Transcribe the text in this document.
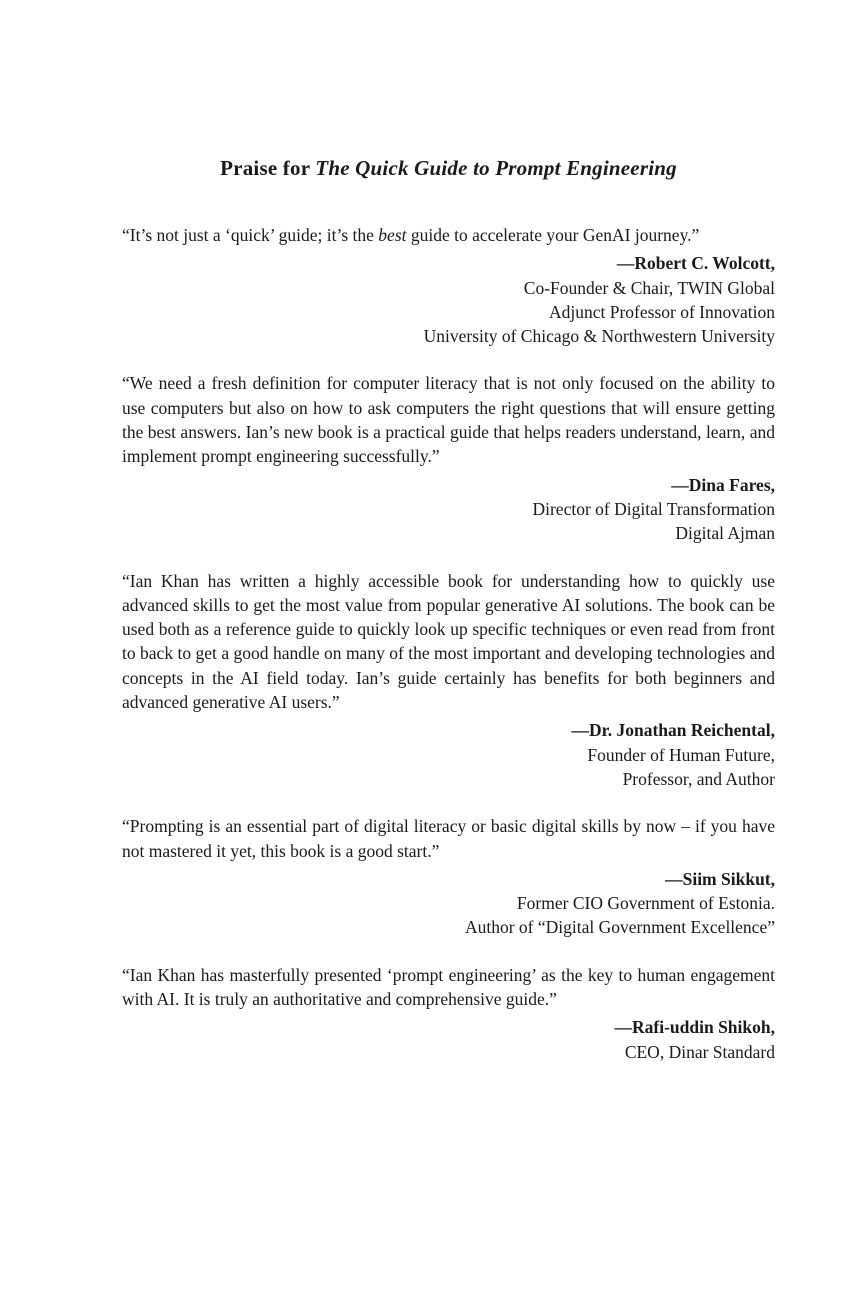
Praise for The Quick Guide to Prompt Engineering

“It’s not just a ‘quick’ guide; it’s the best guide to accelerate your GenAI journey.”

—Robert C. Wolcott,
Co-Founder & Chair, TWIN Global
Adjunct Professor of Innovation
University of Chicago & Northwestern University

“We need a fresh definition for computer literacy that is not only focused on the ability to use computers but also on how to ask computers the right questions that will ensure getting the best answers. Ian’s new book is a practical guide that helps readers understand, learn, and implement prompt engineering successfully.”

—Dina Fares,
Director of Digital Transformation
Digital Ajman

“Ian Khan has written a highly accessible book for understanding how to quickly use advanced skills to get the most value from popular generative AI solutions. The book can be used both as a reference guide to quickly look up specific techniques or even read from front to back to get a good handle on many of the most important and developing technologies and concepts in the AI field today. Ian’s guide certainly has benefits for both beginners and advanced generative AI users.”

—Dr. Jonathan Reichental,
Founder of Human Future,
Professor, and Author

“Prompting is an essential part of digital literacy or basic digital skills by now – if you have not mastered it yet, this book is a good start.”

—Siim Sikkut,
Former CIO Government of Estonia.
Author of “Digital Government Excellence”

“Ian Khan has masterfully presented ‘prompt engineering’ as the key to human engagement with AI. It is truly an authoritative and comprehensive guide.”

—Rafi-uddin Shikoh,
CEO, Dinar Standard
